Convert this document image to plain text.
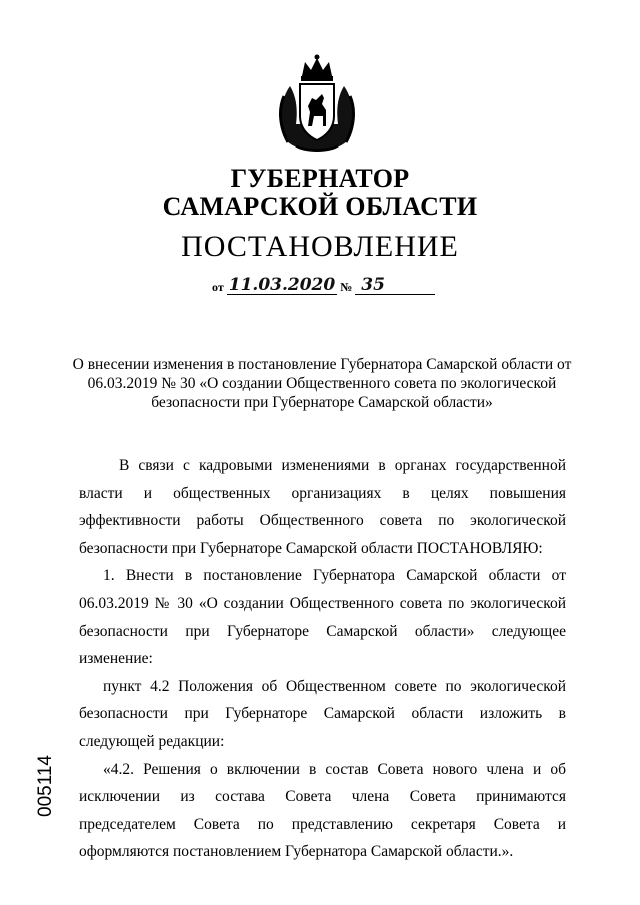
ГУБЕРНАТОР
САМАРСКОЙ ОБЛАСТИ
ПОСТАНОВЛЕНИЕ
от 11.03.2020 № 35
О внесении изменения в постановление Губернатора Самарской области от 06.03.2019 № 30 «О создании Общественного совета по экологической безопасности при Губернаторе Самарской области»

В связи с кадровыми изменениями в органах государственной власти и общественных организациях в целях повышения эффективности работы Общественного совета по экологической безопасности при Губернаторе Самарской области ПОСТАНОВЛЯЮ:

1. Внести в постановление Губернатора Самарской области от 06.03.2019 № 30 «О создании Общественного совета по экологической безопасности при Губернаторе Самарской области» следующее изменение:

пункт 4.2 Положения об Общественном совете по экологической безопасности при Губернаторе Самарской области изложить в следующей редакции:

«4.2. Решения о включении в состав Совета нового члена и об исключении из состава Совета члена Совета принимаются председателем Совета по представлению секретаря Совета и оформляются постановлением Губернатора Самарской области.».

005114
